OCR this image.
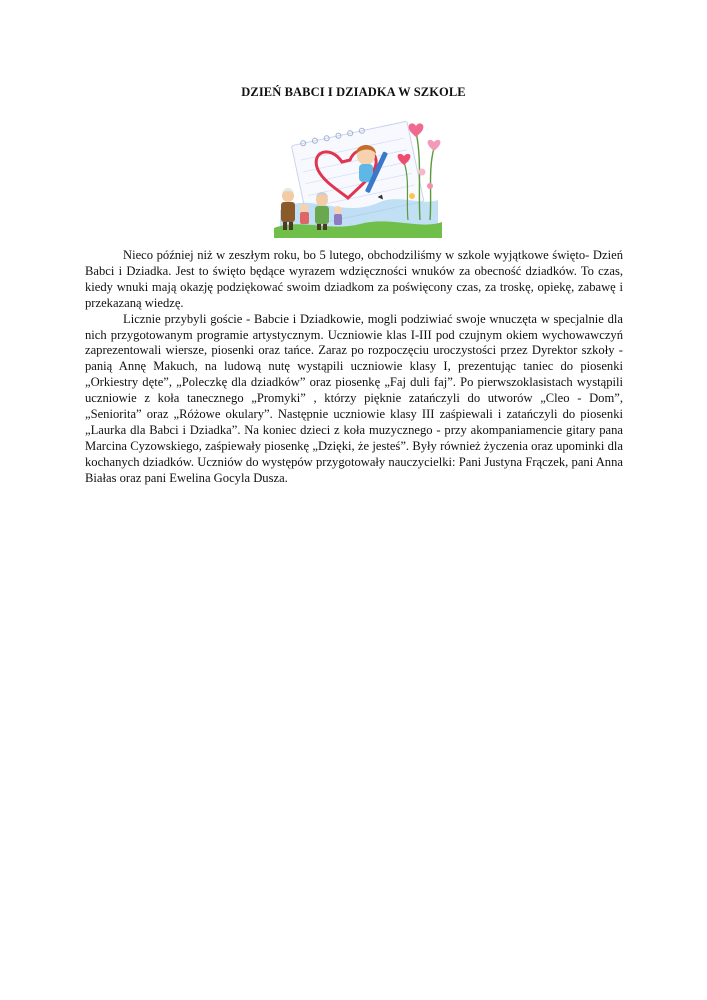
DZIEŃ BABCI I DZIADKA W SZKOLE

Nieco później niż w zeszłym roku, bo 5 lutego, obchodziliśmy w szkole wyjątkowe święto- Dzień Babci i Dziadka. Jest to święto będące wyrazem wdzięczności wnuków za obecność dziadków. To czas, kiedy wnuki mają okazję podziękować swoim dziadkom za poświęcony czas, za troskę, opiekę, zabawę i przekazaną wiedzę.

Licznie przybyli goście - Babcie i Dziadkowie, mogli podziwiać swoje wnuczęta w specjalnie dla nich przygotowanym programie artystycznym. Uczniowie klas I-III pod czujnym okiem wychowawczyń zaprezentowali wiersze, piosenki oraz tańce. Zaraz po rozpoczęciu uroczystości przez Dyrektor szkoły - panią Annę Makuch, na ludową nutę wystąpili uczniowie klasy I, prezentując taniec do piosenki „Orkiestry dęte”, „Poleczkę dla dziadków” oraz piosenkę „Faj duli faj”. Po pierwszoklasistach wystąpili uczniowie z koła tanecznego „Promyki” , którzy pięknie zatańczyli do utworów „Cleo - Dom”, „Seniorita” oraz „Różowe okulary”. Następnie uczniowie klasy III zaśpiewali i zatańczyli do piosenki „Laurka dla Babci i Dziadka”. Na koniec dzieci z koła muzycznego - przy akompaniamencie gitary pana Marcina Cyzowskiego, zaśpiewały piosenkę „Dzięki, że jesteś”. Były również życzenia oraz upominki dla kochanych dziadków. Uczniów do występów przygotowały nauczycielki: Pani Justyna Frączek, pani Anna Białas oraz pani Ewelina Gocyla Dusza.
